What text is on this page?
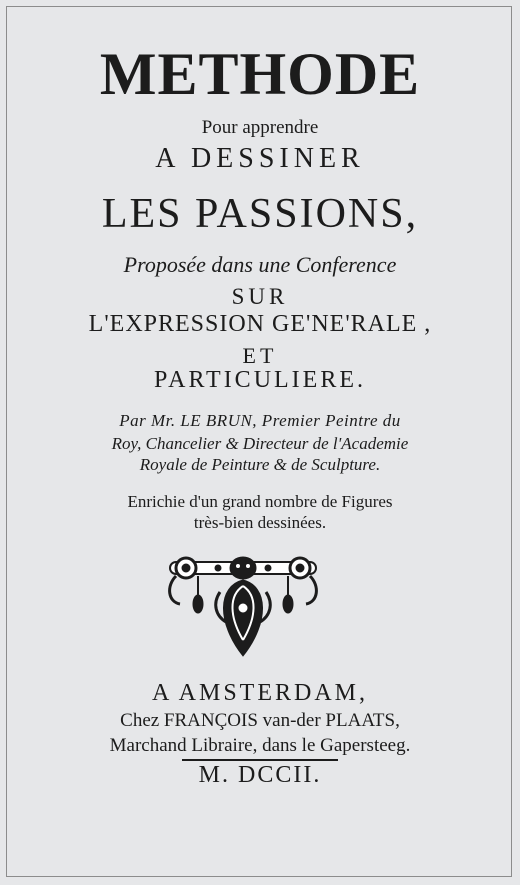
METHODE
Pour apprendre
A DESSINER
LES PASSIONS,
Proposée dans une Conference
SUR
L'EXPRESSION GE'NE'RALE ,
ET
PARTICULIERE.
Par Mr. LE BRUN, Premier Peintre du
Roy, Chancelier & Directeur de l'Academie
Royale de Peinture & de Sculpture.
Enrichie d'un grand nombre de Figures
très-bien dessinées.
A AMSTERDAM,
Chez FRANÇOIS van-der PLAATS,
Marchand Libraire, dans le Gapersteeg.
M. DCCII.
